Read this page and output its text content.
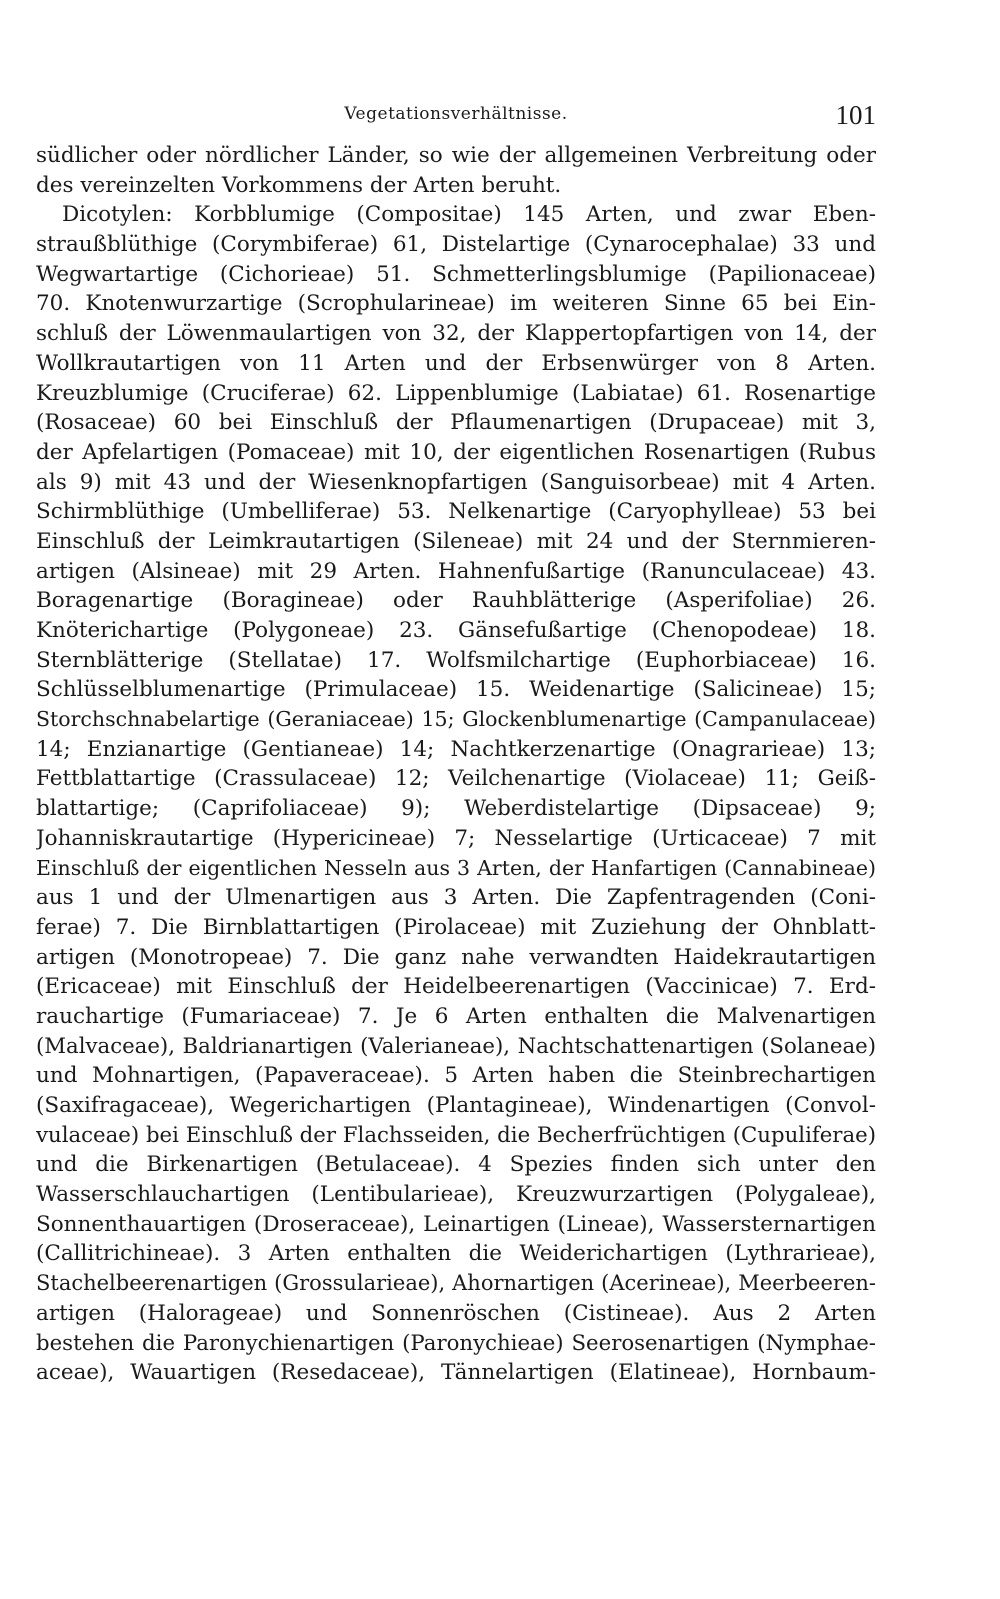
Vegetationsverhältnisse.	101
südlicher oder nördlicher Länder, so wie der allgemeinen Verbreitung oder
des vereinzelten Vorkommens der Arten beruht.
Dicotylen: Korbblumige (Compositae) 145 Arten, und zwar Eben-
straußblüthige (Corymbiferae) 61, Distelartige (Cynarocephalae) 33 und
Wegwartartige (Cichorieae) 51. Schmetterlingsblumige (Papilionaceae)
70. Knotenwurzartige (Scrophularineae) im weiteren Sinne 65 bei Ein-
schluß der Löwenmaulartigen von 32, der Klappertopfartigen von 14, der
Wollkrautartigen von 11 Arten und der Erbsenwürger von 8 Arten.
Kreuzblumige (Cruciferae) 62. Lippenblumige (Labiatae) 61. Rosenartige
(Rosaceae) 60 bei Einschluß der Pflaumenartigen (Drupaceae) mit 3,
der Apfelartigen (Pomaceae) mit 10, der eigentlichen Rosenartigen (Rubus
als 9) mit 43 und der Wiesenknopfartigen (Sanguisorbeae) mit 4 Arten.
Schirmblüthige (Umbelliferae) 53. Nelkenartige (Caryophylleae) 53 bei
Einschluß der Leimkrautartigen (Sileneae) mit 24 und der Sternmieren-
artigen (Alsineae) mit 29 Arten. Hahnenfußartige (Ranunculaceae) 43.
Boragenartige (Boragineae) oder Rauhblätterige (Asperifoliae) 26.
Knöterichartige (Polygoneae) 23. Gänsefußartige (Chenopodeae) 18.
Sternblätterige (Stellatae) 17. Wolfsmilchartige (Euphorbiaceae) 16.
Schlüsselblumenartige (Primulaceae) 15. Weidenartige (Salicineae) 15;
Storchschnabelartige (Geraniaceae) 15; Glockenblumenartige (Campanulaceae)
14; Enzianartige (Gentianeae) 14; Nachtkerzenartige (Onagrarieae) 13;
Fettblattartige (Crassulaceae) 12; Veilchenartige (Violaceae) 11; Geiß-
blattartige; (Caprifoliaceae) 9); Weberdistelartige (Dipsaceae) 9;
Johanniskrautartige (Hypericineae) 7; Nesselartige (Urticaceae) 7 mit
Einschluß der eigentlichen Nesseln aus 3 Arten, der Hanfartigen (Cannabineae)
aus 1 und der Ulmenartigen aus 3 Arten. Die Zapfentragenden (Coni-
ferae) 7. Die Birnblattartigen (Pirolaceae) mit Zuziehung der Ohnblatt-
artigen (Monotropeae) 7. Die ganz nahe verwandten Haidekrautartigen
(Ericaceae) mit Einschluß der Heidelbeerenartigen (Vaccinicae) 7. Erd-
rauchartige (Fumariaceae) 7. Je 6 Arten enthalten die Malvenartigen
(Malvaceae), Baldrianartigen (Valerianeae), Nachtschattenartigen (Solaneae)
und Mohnartigen, (Papaveraceae). 5 Arten haben die Steinbrechartigen
(Saxifragaceae), Wegerichartigen (Plantagineae), Windenartigen (Convol-
vulaceae) bei Einschluß der Flachsseiden, die Becherfrüchtigen (Cupuliferae)
und die Birkenartigen (Betulaceae). 4 Spezies finden sich unter den
Wasserschlauchartigen (Lentibularieae), Kreuzwurzartigen (Polygaleae),
Sonnenthauartigen (Droseraceae), Leinartigen (Lineae), Wassersternartigen
(Callitrichineae). 3 Arten enthalten die Weiderichartigen (Lythrarieae),
Stachelbeerenartigen (Grossularieae), Ahornartigen (Acerineae), Meerbeeren-
artigen (Halorageae) und Sonnenröschen (Cistineae). Aus 2 Arten
bestehen die Paronychienartigen (Paronychieae) Seerosenartigen (Nymphae-
aceae), Wauartigen (Resedaceae), Tännelartigen (Elatineae), Hornbaum-
